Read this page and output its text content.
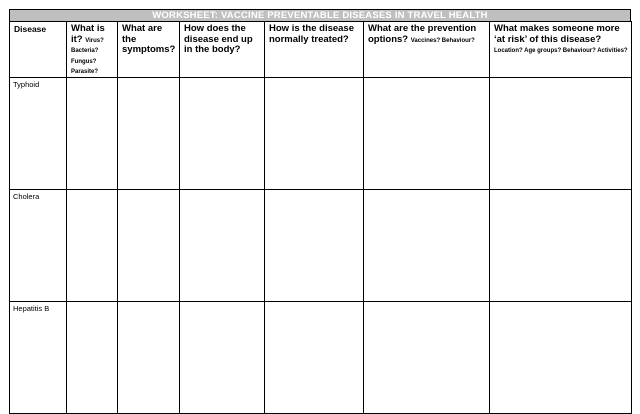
WORKSHEET: VACCINE PREVENTABLE DISEASES IN TRAVEL HEALTH
Disease	What is it? Virus? Bacteria? Fungus? Parasite?	What are the symptoms?	How does the disease end up in the body?	How is the disease normally treated?	What are the prevention options? Vaccines? Behaviour?	What makes someone more ‘at risk’ of this disease? Location? Age groups? Behaviour? Activities?
Typhoid						
Cholera						
Hepatitis B						
